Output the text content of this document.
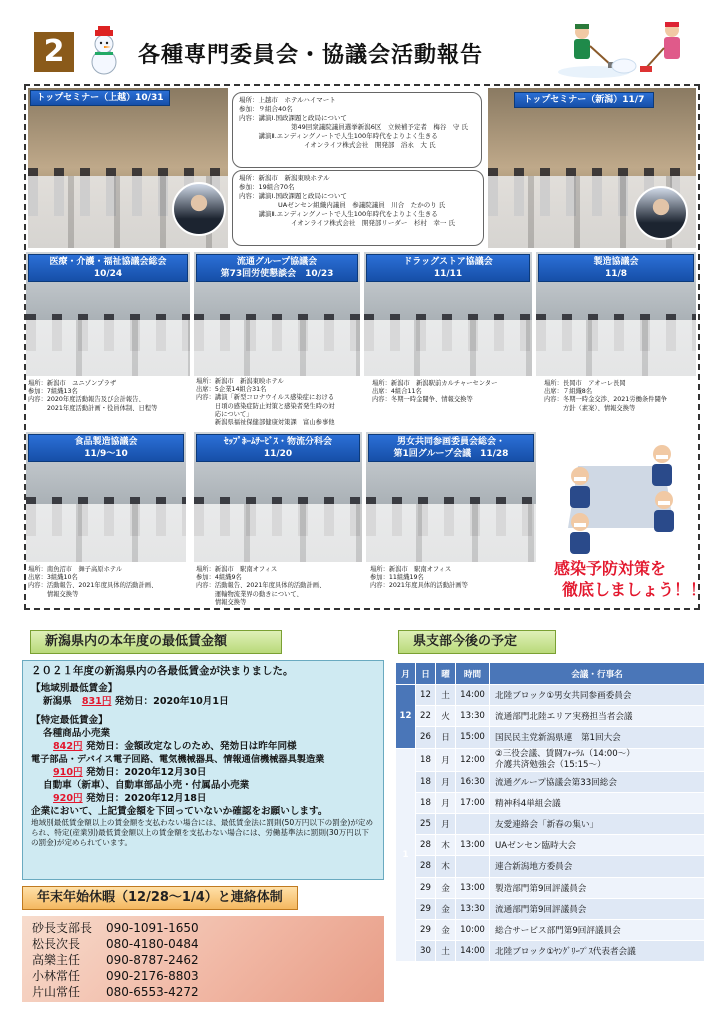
2	各種専門委員会・協議会活動報告
トップセミナー（上越）10/31	場所：上越市　ホテルハイマート

参加：９組合40名

内容：講演Ⅰ.国政課題と政局について

　　　　　　　　第49回衆議院議員選挙新潟6区　立候補予定者　梅谷　守 氏

　　　講演Ⅱ.エンディングノートで人生100年時代をよりよく生きる

　　　　　　　　　　イオンライフ株式会社　開発部　浴永　大 氏

トップセミナー（新潟）11/7

場所：新潟市　新潟東映ホテル

参加：19組合70名

内容：講演Ⅰ.国政課題と政局について

　　　　　　UAゼンセン組織内議員　参議院議員　川合　たかのり 氏

　　　講演Ⅱ.エンディングノートで人生100年時代をよりよく生きる

　　　　　　　　イオンライフ株式会社　開発部リーダー　杉村　幸一 氏

医療・介護・福祉協議会総会
10/24

場所：新潟市　ユニゾンプラザ

参加：7組織13名

内容：2020年度活動報告及び会計報告、

　　　2021年度活動計画・役員体制、日程等

流通グループ協議会
第73回労使懇談会　10/23

場所：新潟市　新潟東映ホテル

出席：5企業14組合31名

内容：講演「新型コロナウイルス感染症における

　　　日頃の感染症防止対策と感染者発生時の対

　　　応について」

　　　新潟県福祉保健部健康対策課　富山参事他

ドラッグストア協議会
11/11

場所：新潟市　新潟駅前カルチャーセンター

出席：4組合11名

内容：冬期一時金闘争、情報交換等

製造協議会
11/8

場所：長岡市　アオーレ長岡

出席：７組織8名

内容：冬期一時金交渉、2021労働条件闘争

　　　方針（素案）、情報交換等

食品製造協議会
11/9～10

場所：南魚沼市　舞子高原ホテル

出席：3組織10名

内容：活動報告、2021年度具体的活動計画、

　　　情報交換等

ｾｯﾌﾟﾎｰﾑｻｰﾋﾞｽ・物流分科会
11/20

場所：新潟市　駅南オフィス

参加：4組織9名

内容：活動報告、2021年度具体的活動計画、

　　　運輸物流業界の動きについて、

　　　情報交換等

男女共同参画委員会総会・
第1回グループ会議　11/28

場所：新潟市　駅南オフィス

参加：11組織19名

内容：2021年度具体的活動計画等

感染予防対策を
徹底しましょう！！
新潟県内の本年度の最低賃金額
２０２１年度の新潟県内の各最低賃金が決まりました。
【地域別最低賃金】
新潟県 831円 発効日：2020年10月1日
【特定最低賃金】
各種商品小売業
842円 発効日：金額改定なしのため、発効日は昨年同様
電子部品・デバイス電子回路、電気機械器具、情報通信機械器具製造業
910円 発効日：2020年12月30日
自動車（新車）、自動車部品小売・付属品小売業
920円 発効日：2020年12月18日
企業において、上記賃金額を下回っていないか確認をお願いします。
地域別最低賃金額以上の賃金額を支払わない場合には、最低賃金法に罰則(50万円以下の罰金)が定められ、特定(産業別)最低賃金額以上の賃金額を支払わない場合には、労働基準法に罰則(30万円以下の罰金)が定められています。
年末年始休暇（12/28～1/4）と連絡体制
砂長支部長 090-1091-1650
松長次長 080-4180-0484
高樂主任 090-8787-2462
小林常任 090-2176-8803
片山常任 080-6553-4272
県支部今後の予定
月	日	曜	時間	会議・行事名
12	12	土	14:00	北陸ブロック①男女共同参画委員会
	22	火	13:30	流通部門北陸エリア実務担当者会議
	26	日	15:00	国民民主党新潟県連　第1回大会
1	18	月	12:00	②三役会議、賃闘ﾌｫｰﾗﾑ（14:00～）
介護共済勉強会（15:15～）
	18	月	16:30	流通グループ協議会第33回総会
	18	月	17:00	精神科4単組会議
	25	月		友愛連絡会「新春の集い」
	28	木	13:00	UAゼンセン臨時大会
	28	木		連合新潟地方委員会
	29	金	13:00	製造部門第9回評議員会
	29	金	13:30	流通部門第9回評議員会
	29	金	10:00	総合サービス部門第9回評議員会
	30	土	14:00	北陸ブロック①ﾔﾝｸﾞﾘｰﾌﾟｽ代表者会議
